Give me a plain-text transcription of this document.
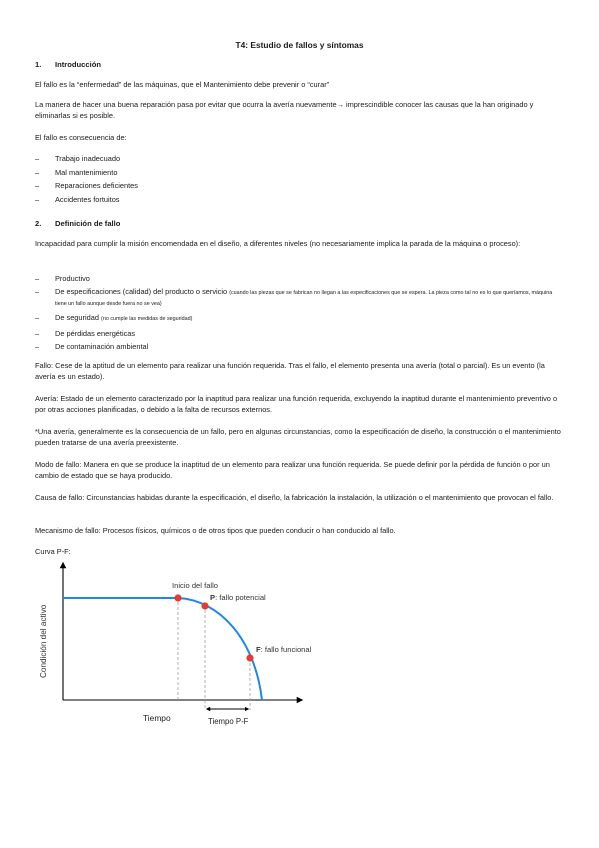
T4: Estudio de fallos y síntomas
1. Introducción
El fallo es la “enfermedad” de las máquinas, que el Mantenimiento debe prevenir o “curar”
La manera de hacer una buena reparación pasa por evitar que ocurra la avería nuevamente→ imprescindible conocer las causas que la han originado y eliminarlas si es posible.
El fallo es consecuencia de:
– Trabajo inadecuado
– Mal mantenimiento
– Reparaciones deficientes
– Accidentes fortuitos
2. Definición de fallo
Incapacidad para cumplir la misión encomendada en el diseño, a diferentes niveles (no necesariamente implica la parada de la máquina o proceso):
– Productivo
– De especificaciones (calidad) del producto o servicio (cuando las piezas que se fabrican no llegan a las especificaciones que se espera. La pieza como tal no es lo que queríamos, máquina tiene un fallo aunque desde fuera no se vea)
– De seguridad (no cumple las medidas de seguridad)
– De pérdidas energéticas
– De contaminación ambiental
Fallo: Cese de la aptitud de un elemento para realizar una función requerida. Tras el fallo, el elemento presenta una avería (total o parcial). Es un evento (la avería es un estado).
Avería: Estado de un elemento caracterizado por la inaptitud para realizar una función requerida, excluyendo la inaptitud durante el mantenimiento preventivo o por otras acciones planificadas, o debido a la falta de recursos externos.
*Una avería, generalmente es la consecuencia de un fallo, pero en algunas circunstancias, como la especificación de diseño, la construcción o el mantenimiento pueden tratarse de una avería preexistente.
Modo de fallo: Manera en que se produce la inaptitud de un elemento para realizar una función requerida. Se puede definir por la pérdida de función o por un cambio de estado que se haya producido.
Causa de fallo: Circunstancias habidas durante la especificación, el diseño, la fabricación la instalación, la utilización o el mantenimiento que provocan el fallo.
Mecanismo de fallo: Procesos físicos, químicos o de otros tipos que pueden conducir o han conducido al fallo.
Curva P-F:
Inicio del fallo
P: fallo potencial
F: fallo funcional
Condición del activo
Tiempo	Tiempo P-F
